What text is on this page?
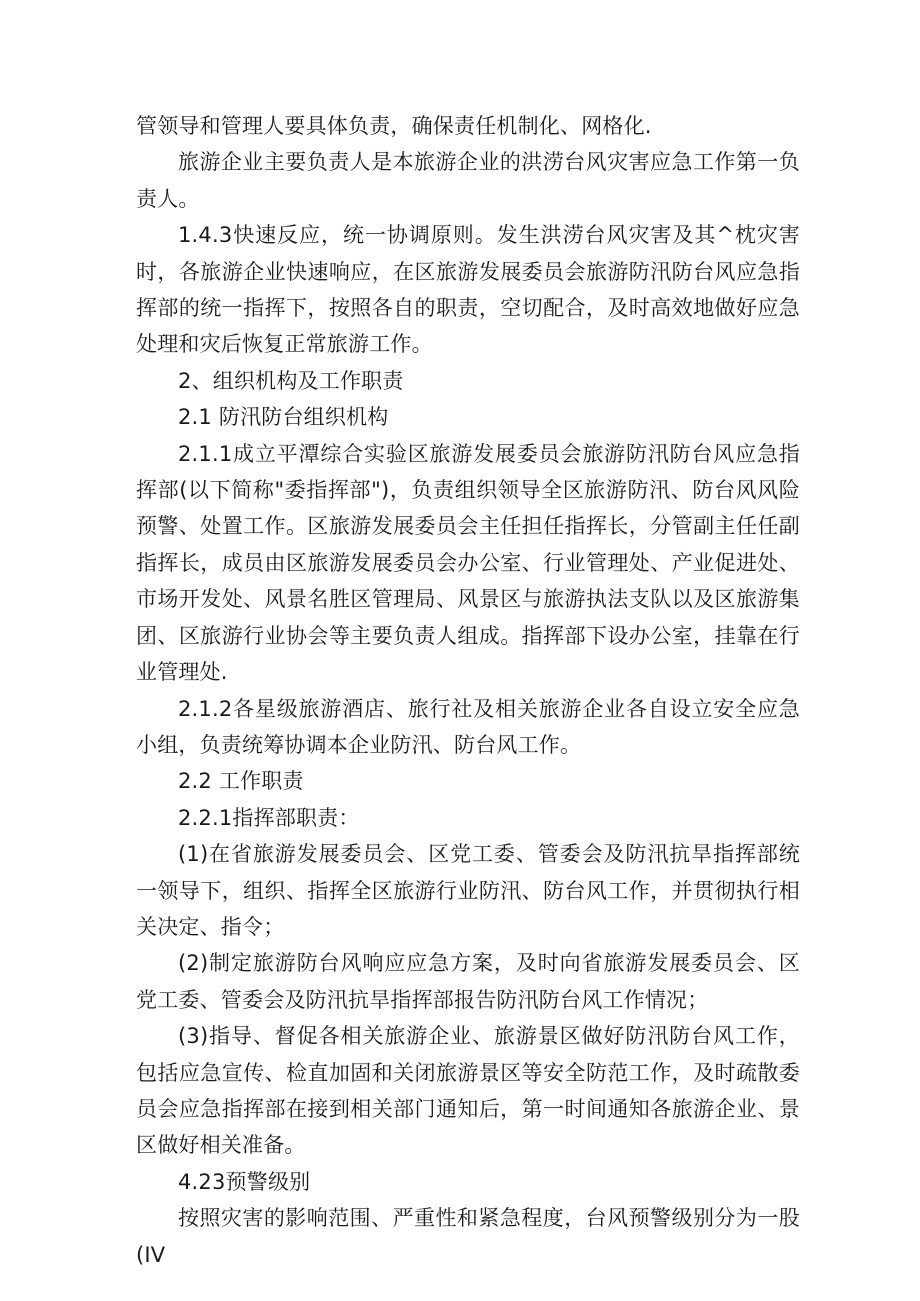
管领导和管理人要具体负责，确保责任机制化、网格化.

旅游企业主要负责人是本旅游企业的洪涝台风灾害应急工作第一负责人。

1.4.3快速反应，统一协调原则。发生洪涝台风灾害及其^枕灾害时，各旅游企业快速响应，在区旅游发展委员会旅游防汛防台风应急指挥部的统一指挥下，按照各自的职责，空切配合，及时高效地做好应急处理和灾后恢复正常旅游工作。

2、组织机构及工作职责

2.1 防汛防台组织机构

2.1.1成立平潭综合实验区旅游发展委员会旅游防汛防台风应急指挥部(以下简称"委指挥部")，负责组织领导全区旅游防汛、防台风风险预警、处置工作。区旅游发展委员会主任担任指挥长，分管副主任任副指挥长，成员由区旅游发展委员会办公室、行业管理处、产业促进处、市场开发处、风景名胜区管理局、风景区与旅游执法支队以及区旅游集团、区旅游行业协会等主要负责人组成。指挥部下设办公室，挂靠在行业管理处.

2.1.2各星级旅游酒店、旅行社及相关旅游企业各自设立安全应急小组，负责统筹协调本企业防汛、防台风工作。

2.2 工作职责

2.2.1指挥部职责：

(1)在省旅游发展委员会、区党工委、管委会及防汛抗旱指挥部统一领导下，组织、指挥全区旅游行业防汛、防台风工作，并贯彻执行相关决定、指令；

(2)制定旅游防台风响应应急方案，及时向省旅游发展委员会、区党工委、管委会及防汛抗旱指挥部报告防汛防台风工作情况；

(3)指导、督促各相关旅游企业、旅游景区做好防汛防台风工作，包括应急宣传、检直加固和关闭旅游景区等安全防范工作，及时疏散委员会应急指挥部在接到相关部门通知后，第一时间通知各旅游企业、景区做好相关准备。

4.23预警级别

按照灾害的影响范围、严重性和紧急程度，台风预警级别分为一股(IV
